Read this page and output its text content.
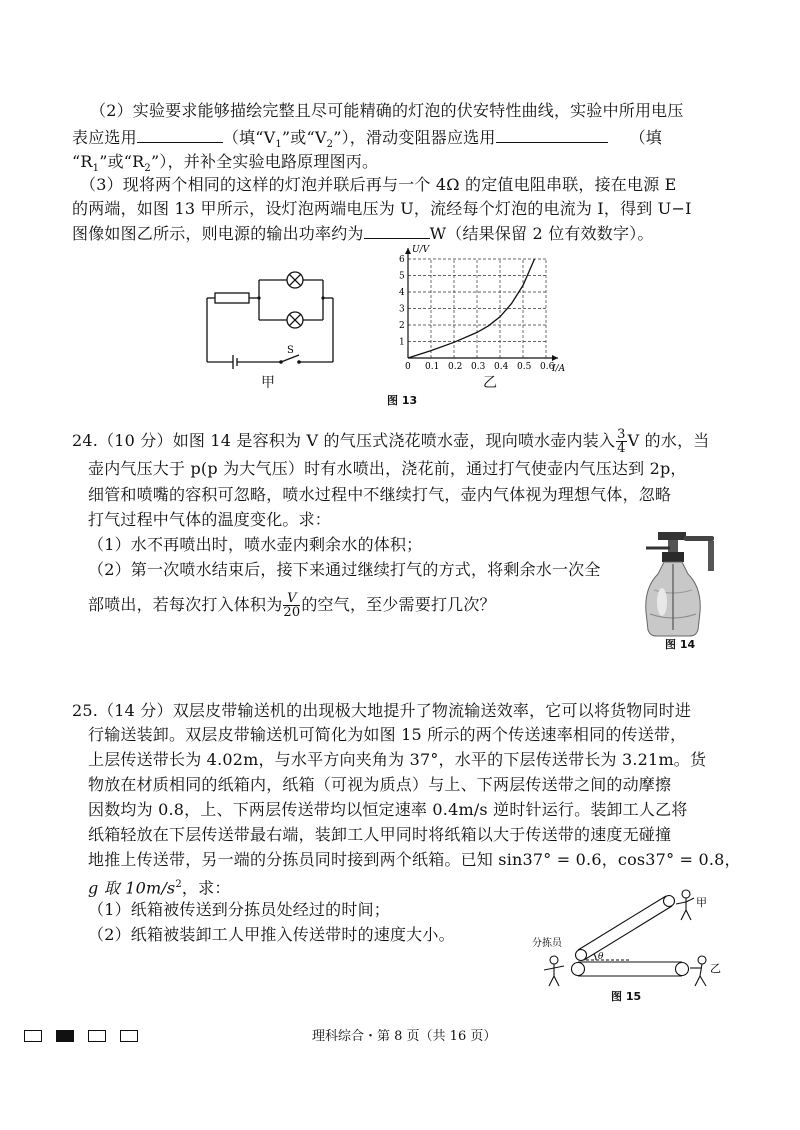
（2）实验要求能够描绘完整且尽可能精确的灯泡的伏安特性曲线，实验中所用电压
表应选用	（填“$V_1$”或“$V_2$”），滑动变阻器应选用	（填
“$R_1$”或“$R_2$”），并补全实验电路原理图丙。
（3）现将两个相同的这样的灯泡并联后再与一个 4Ω 的定值电阻串联，接在电源 E
的两端，如图 13 甲所示，设灯泡两端电压为 U，流经每个灯泡的电流为 I，得到 U−I
图像如图乙所示，则电源的输出功率约为	W（结果保留 2 位有效数字）。
S
甲
0 0.1 0.2 0.3 0.4 0.5 0.6
1
2
3
4
5
6
U/V
I/A
乙
图 13
24.（10 分）如图 14 是容积为 V 的气压式浇花喷水壶，现向喷水壶内装入 $\frac{3}{4}$ V 的水，当
壶内气压大于 p(p 为大气压）时有水喷出，浇花前，通过打气使壶内气压达到 2p，
细管和喷嘴的容积可忽略，喷水过程中不继续打气，壶内气体视为理想气体，忽略
打气过程中气体的温度变化。求：
（1）水不再喷出时，喷水壶内剩余水的体积；
（2）第一次喷水结束后，接下来通过继续打气的方式，将剩余水一次全
部喷出，若每次打入体积为 $\frac{V}{20}$ 的空气，至少需要打几次？
图 14
25.（14 分）双层皮带输送机的出现极大地提升了物流输送效率，它可以将货物同时进
行输送装卸。双层皮带输送机可简化为如图 15 所示的两个传送速率相同的传送带，
上层传送带长为 4.02m，与水平方向夹角为 37°，水平的下层传送带长为 3.21m。货
物放在材质相同的纸箱内，纸箱（可视为质点）与上、下两层传送带之间的动摩擦
因数均为 0.8，上、下两层传送带均以恒定速率 0.4m/s 逆时针运行。装卸工人乙将
纸箱轻放在下层传送带最右端，装卸工人甲同时将纸箱以大于传送带的速度无碰撞
地推上传送带，另一端的分拣员同时接到两个纸箱。已知 sin37° = 0.6，cos37° = 0.8，
g 取 $10m/s^2$，求：
（1）纸箱被传送到分拣员处经过的时间；
（2）纸箱被装卸工人甲推入传送带时的速度大小。
θ
甲
乙
分拣员
图 15
理科综合・第 8 页（共 16 页）
